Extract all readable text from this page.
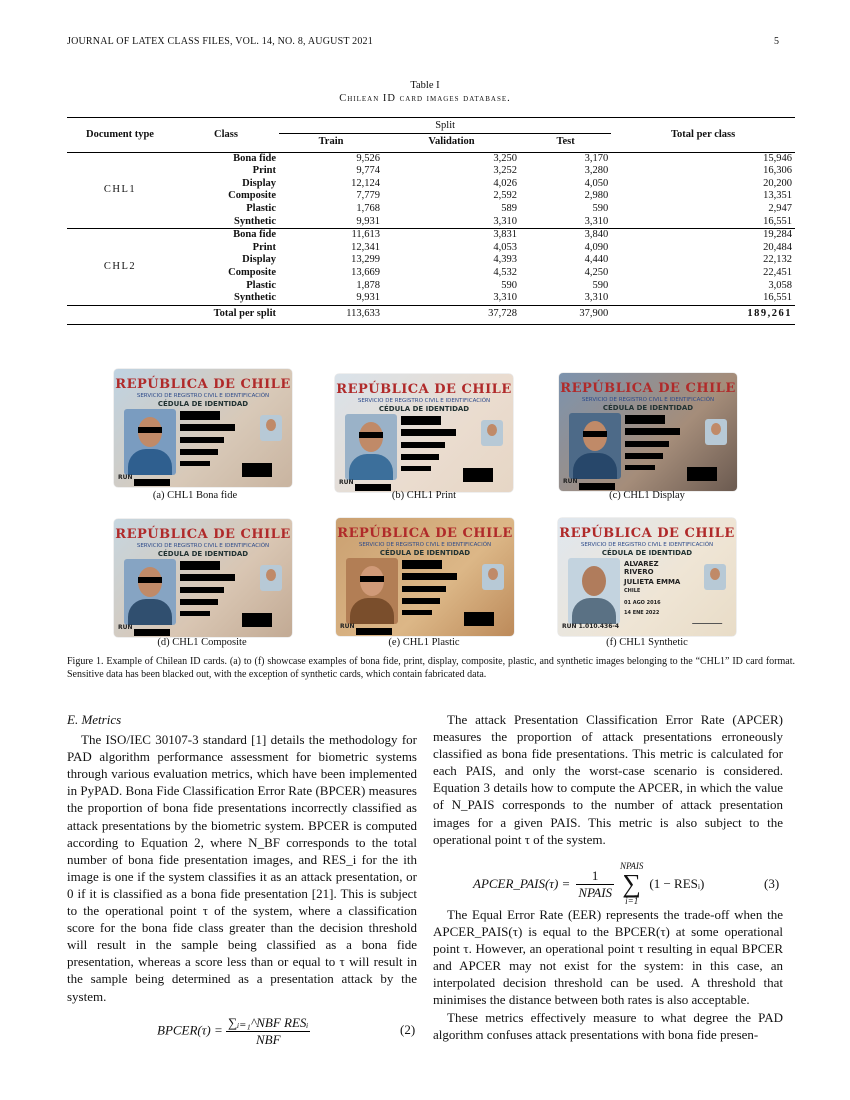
JOURNAL OF LATEX CLASS FILES, VOL. 14, NO. 8, AUGUST 2021	5
Table I
Chilean ID card images database.
Document type	Class	Split			Total per class
		Train	Validation	Test	
CHL1	Bona fide	9,526	3,250	3,170	15,946
	Print	9,774	3,252	3,280	16,306
	Display	12,124	4,026	4,050	20,200
	Composite	7,779	2,592	2,980	13,351
	Plastic	1,768	589	590	2,947
	Synthetic	9,931	3,310	3,310	16,551
CHL2	Bona fide	11,613	3,831	3,840	19,284
	Print	12,341	4,053	4,090	20,484
	Display	13,299	4,393	4,440	22,132
	Composite	13,669	4,532	4,250	22,451
	Plastic	1,878	590	590	3,058
	Synthetic	9,931	3,310	3,310	16,551
	Total per split	113,633	37,728	37,900	189,261
REPÚBLICA DE CHILE
SERVICIO DE REGISTRO CIVIL E IDENTIFICACIÓN
CÉDULA DE IDENTIDAD
RUN
REPÚBLICA DE CHILE
SERVICIO DE REGISTRO CIVIL E IDENTIFICACIÓN
CÉDULA DE IDENTIDAD
RUN
REPÚBLICA DE CHILE
SERVICIO DE REGISTRO CIVIL E IDENTIFICACIÓN
CÉDULA DE IDENTIDAD
RUN
REPÚBLICA DE CHILE
SERVICIO DE REGISTRO CIVIL E IDENTIFICACIÓN
CÉDULA DE IDENTIDAD
RUN
REPÚBLICA DE CHILE
SERVICIO DE REGISTRO CIVIL E IDENTIFICACIÓN
CÉDULA DE IDENTIDAD
RUN
REPÚBLICA DE CHILE
SERVICIO DE REGISTRO CIVIL E IDENTIFICACIÓN
CÉDULA DE IDENTIDAD
ALVAREZ
RIVERO
JULIETA EMMA
CHILE
01 AGO 2016
14 ENE 2022
RUN 1.010.436-4
(a) CHL1 Bona fide	(b) CHL1 Print	(c) CHL1 Display
(d) CHL1 Composite	(e) CHL1 Plastic	(f) CHL1 Synthetic
Figure 1. Example of Chilean ID cards. (a) to (f) showcase examples of bona fide, print, display, composite, plastic, and synthetic images belonging to the “CHL1” ID card format. Sensitive data has been blacked out, with the exception of synthetic cards, which contain fabricated data.
E. Metrics

The ISO/IEC 30107-3 standard [1] details the methodology for PAD algorithm performance assessment for biometric systems through various evaluation metrics, which have been implemented in PyPAD. Bona Fide Classification Error Rate (BPCER) measures the proportion of bona fide presentations incorrectly classified as attack presentations by the biometric system. BPCER is computed according to Equation 2, where N_BF corresponds to the total number of bona fide presentation images, and RES_i for the ith image is one if the system classifies it as an attack presentation, or 0 if it is classified as a bona fide presentation [21]. This is subject to the operational point τ of the system, where a classification score for the bona fide class greater than the decision threshold will result in the sample being classified as a bona fide presentation, whereas a score less than or equal to τ will result in the sample being determined as a presentation attack by the system.

BPCER(τ) = $\frac{\text{∑ᵢ₌₁\textasciicircum{}NBF RESᵢ}}{\text{NBF}}$	(2)

The attack Presentation Classification Error Rate (APCER) measures the proportion of attack presentations erroneously classified as bona fide presentations. This metric is calculated for each PAIS, and only the worst-case scenario is considered. Equation 3 details how to compute the APCER, in which the value of N_PAIS corresponds to the number of attack presentation images for a given PAIS. This metric is also subject to the operational point τ of the system.

APCER_PAIS(τ) = $\frac{1}{\text{NPAIS}}$
NPAIS
∑
i=1
(1 − RESᵢ)	(3)

The Equal Error Rate (EER) represents the trade-off when the APCER_PAIS(τ) is equal to the BPCER(τ) at some operational point τ. However, an operational point τ resulting in equal BPCER and APCER may not exist for the system: in this case, an interpolated decision threshold can be used. A threshold that minimises the distance between both rates is also acceptable.

These metrics effectively measure to what degree the PAD algorithm confuses attack presentations with bona fide presen-
